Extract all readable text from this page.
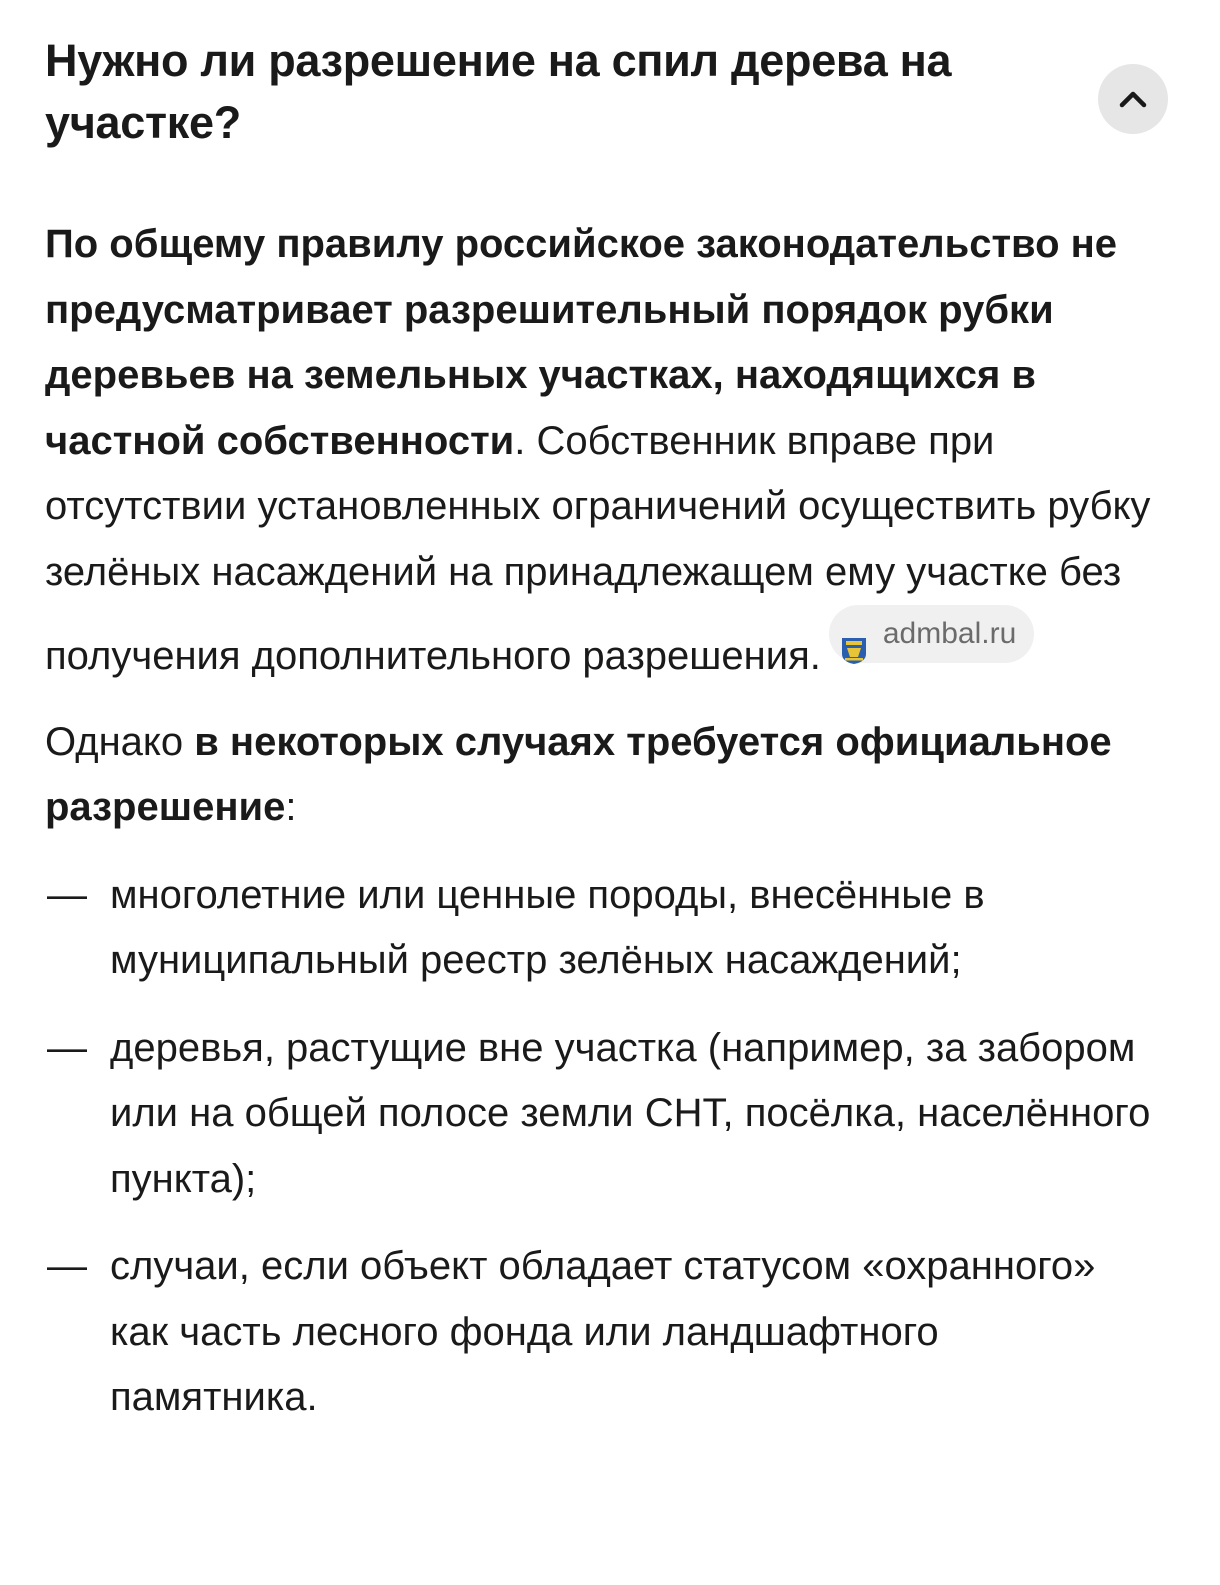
Нужно ли разрешение на спил дерева на участке?

По общему правилу российское законодательство не предусматривает разрешительный порядок рубки деревьев на земельных участках, находящихся в частной собственности. Собственник вправе при отсутствии установленных ограничений осуществить рубку зелёных насаждений на принадлежащем ему участке без получения дополнительного разрешения.
admbal.ru

Однако в некоторых случаях требуется официальное разрешение:

— многолетние или ценные породы, внесённые в муниципальный реестр зелёных насаждений;
— деревья, растущие вне участка (например, за забором или на общей полосе земли СНТ, посёлка, населённого пункта);
— случаи, если объект обладает статусом «охранного» как часть лесного фонда или ландшафтного памятника.
